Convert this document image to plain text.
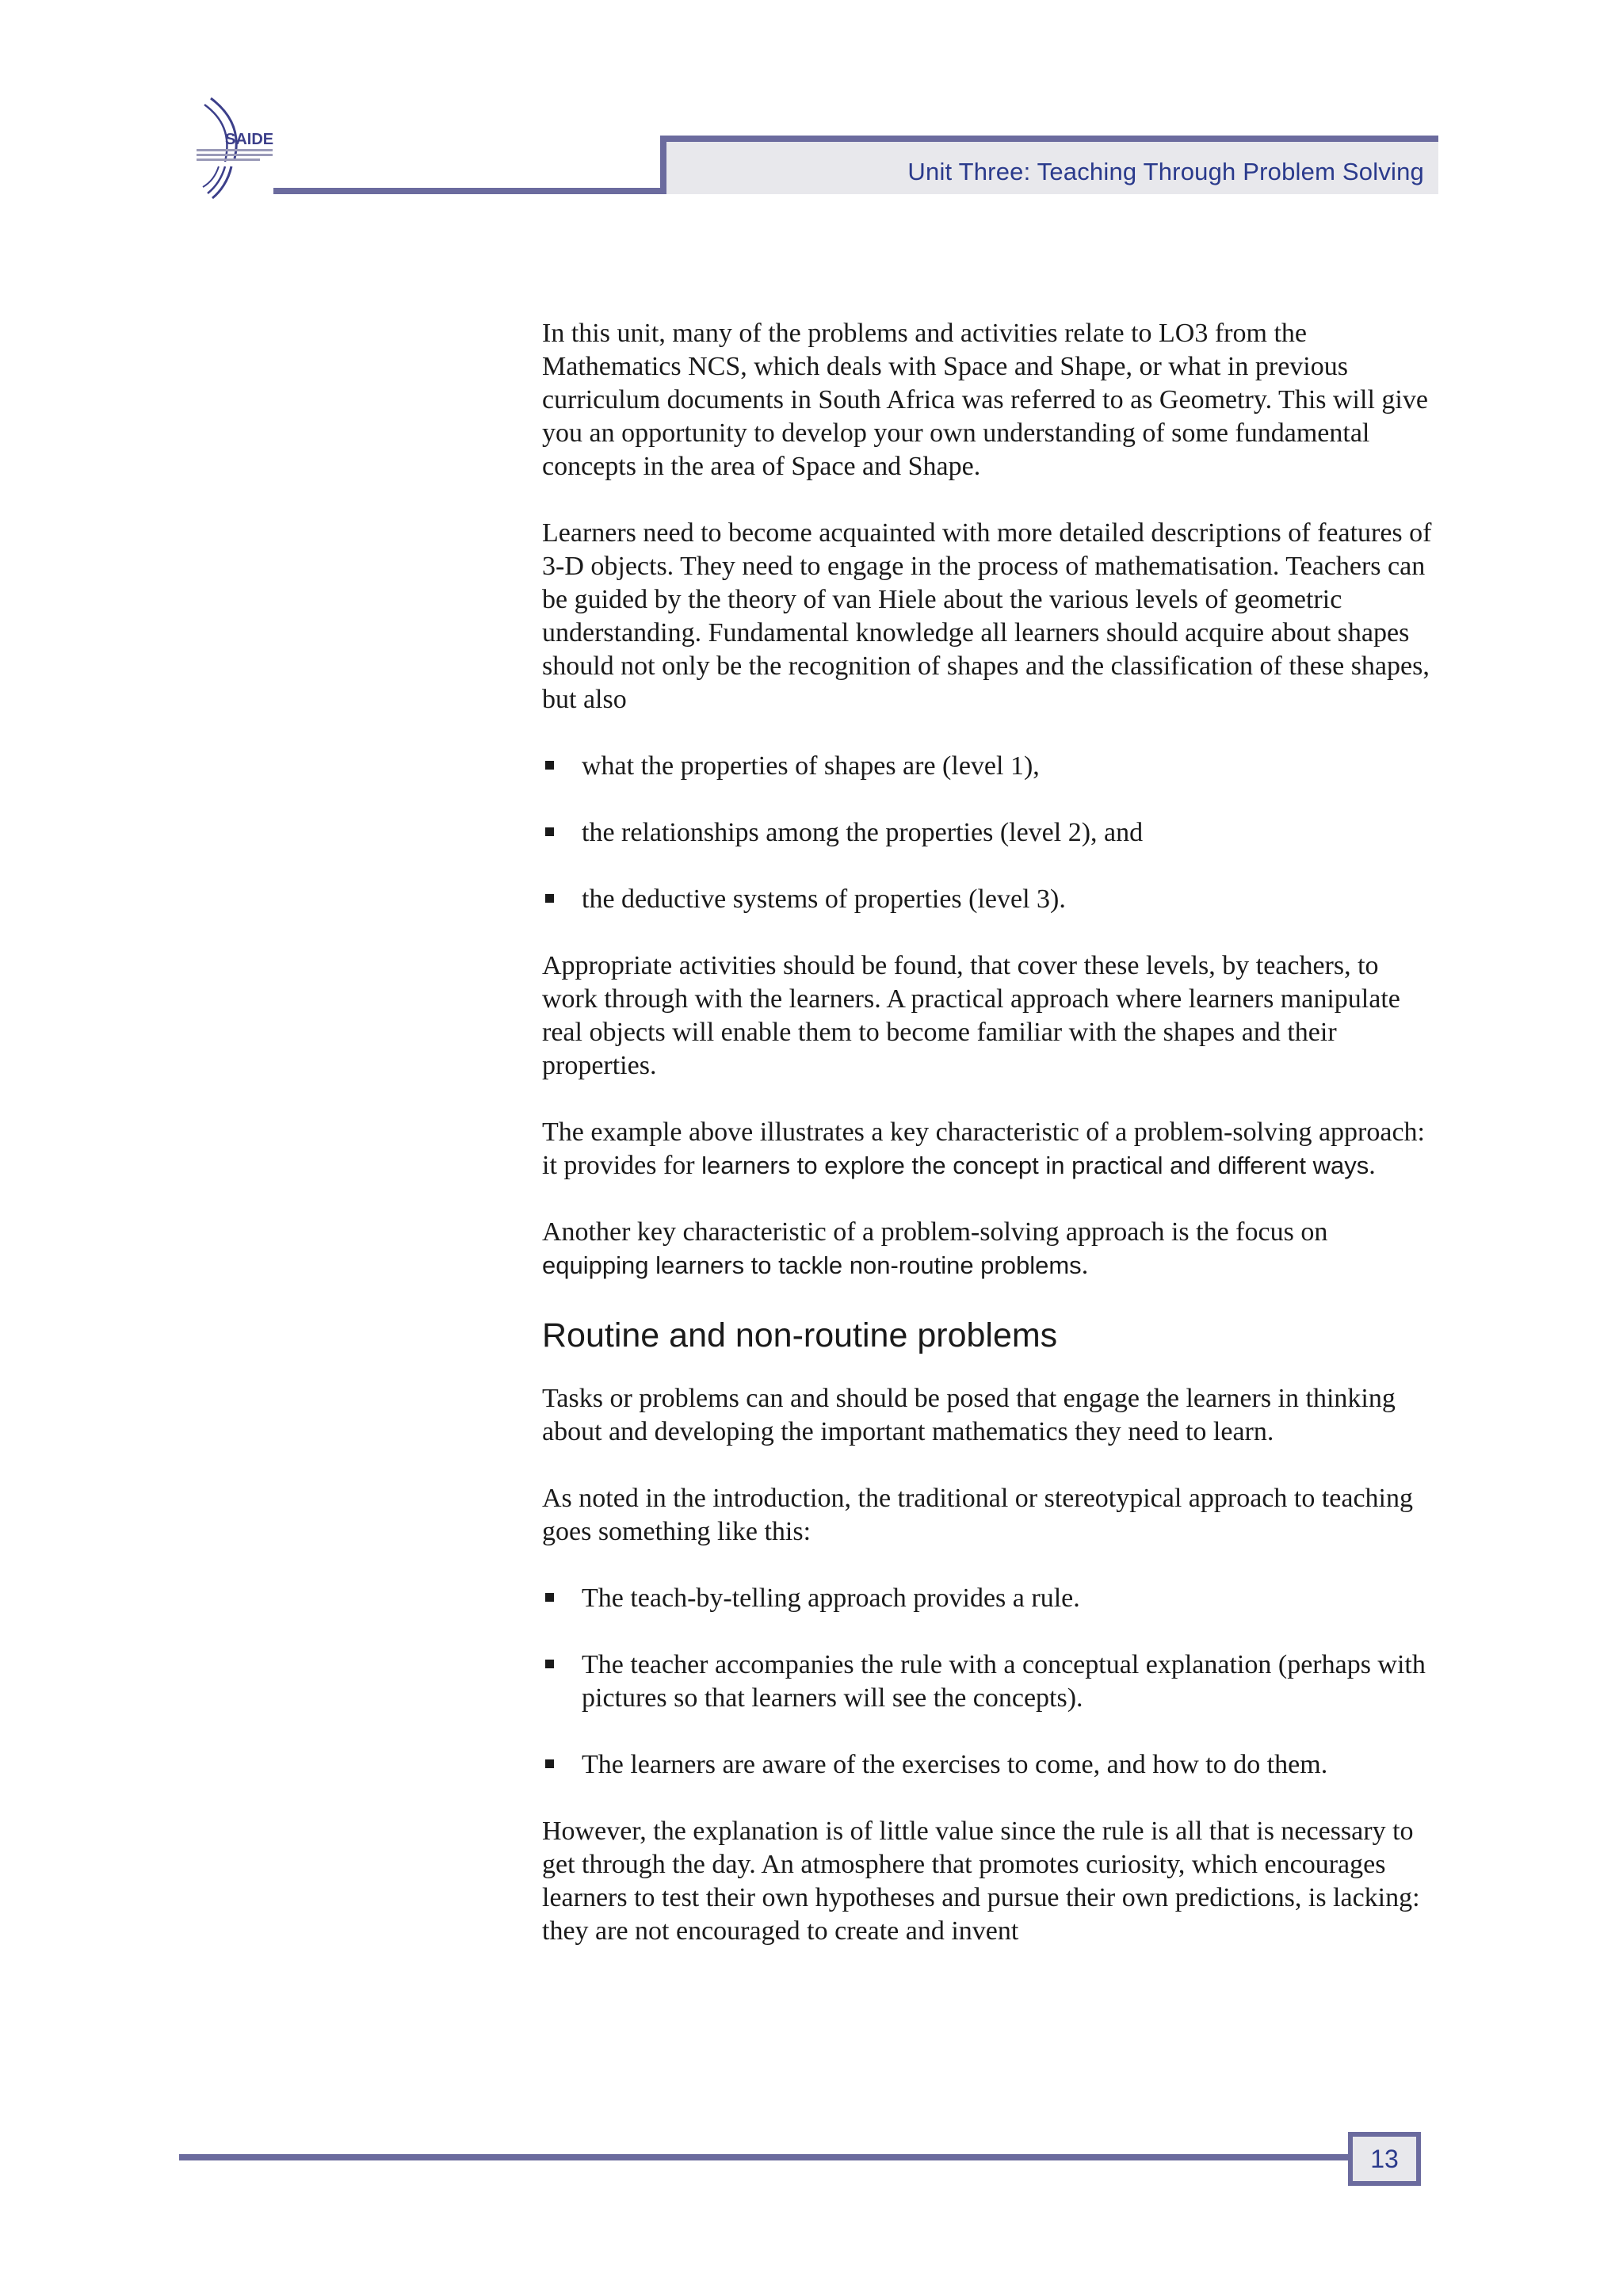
SAIDE
Unit Three: Teaching Through Problem Solving

In this unit, many of the problems and activities relate to LO3 from the Mathematics NCS, which deals with Space and Shape, or what in previous curriculum documents in South Africa was referred to as Geometry. This will give you an opportunity to develop your own understanding of some fundamental concepts in the area of Space and Shape.

Learners need to become acquainted with more detailed descriptions of features of 3-D objects. They need to engage in the process of mathematisation. Teachers can be guided by the theory of van Hiele about the various levels of geometric understanding. Fundamental knowledge all learners should acquire about shapes should not only be the recognition of shapes and the classification of these shapes, but also

what the properties of shapes are (level 1),
the relationships among the properties (level 2), and
the deductive systems of properties (level 3).

Appropriate activities should be found, that cover these levels, by teachers, to work through with the learners. A practical approach where learners manipulate real objects will enable them to become familiar with the shapes and their properties.

The example above illustrates a key characteristic of a problem-solving approach: it provides for learners to explore the concept in practical and different ways.

Another key characteristic of a problem-solving approach is the focus on equipping learners to tackle non-routine problems.

Routine and non-routine problems

Tasks or problems can and should be posed that engage the learners in thinking about and developing the important mathematics they need to learn.

As noted in the introduction, the traditional or stereotypical approach to teaching goes something like this:

The teach-by-telling approach provides a rule.
The teacher accompanies the rule with a conceptual explanation (perhaps with pictures so that learners will see the concepts).
The learners are aware of the exercises to come, and how to do them.

However, the explanation is of little value since the rule is all that is necessary to get through the day. An atmosphere that promotes curiosity, which encourages learners to test their own hypotheses and pursue their own predictions, is lacking: they are not encouraged to create and invent

13
